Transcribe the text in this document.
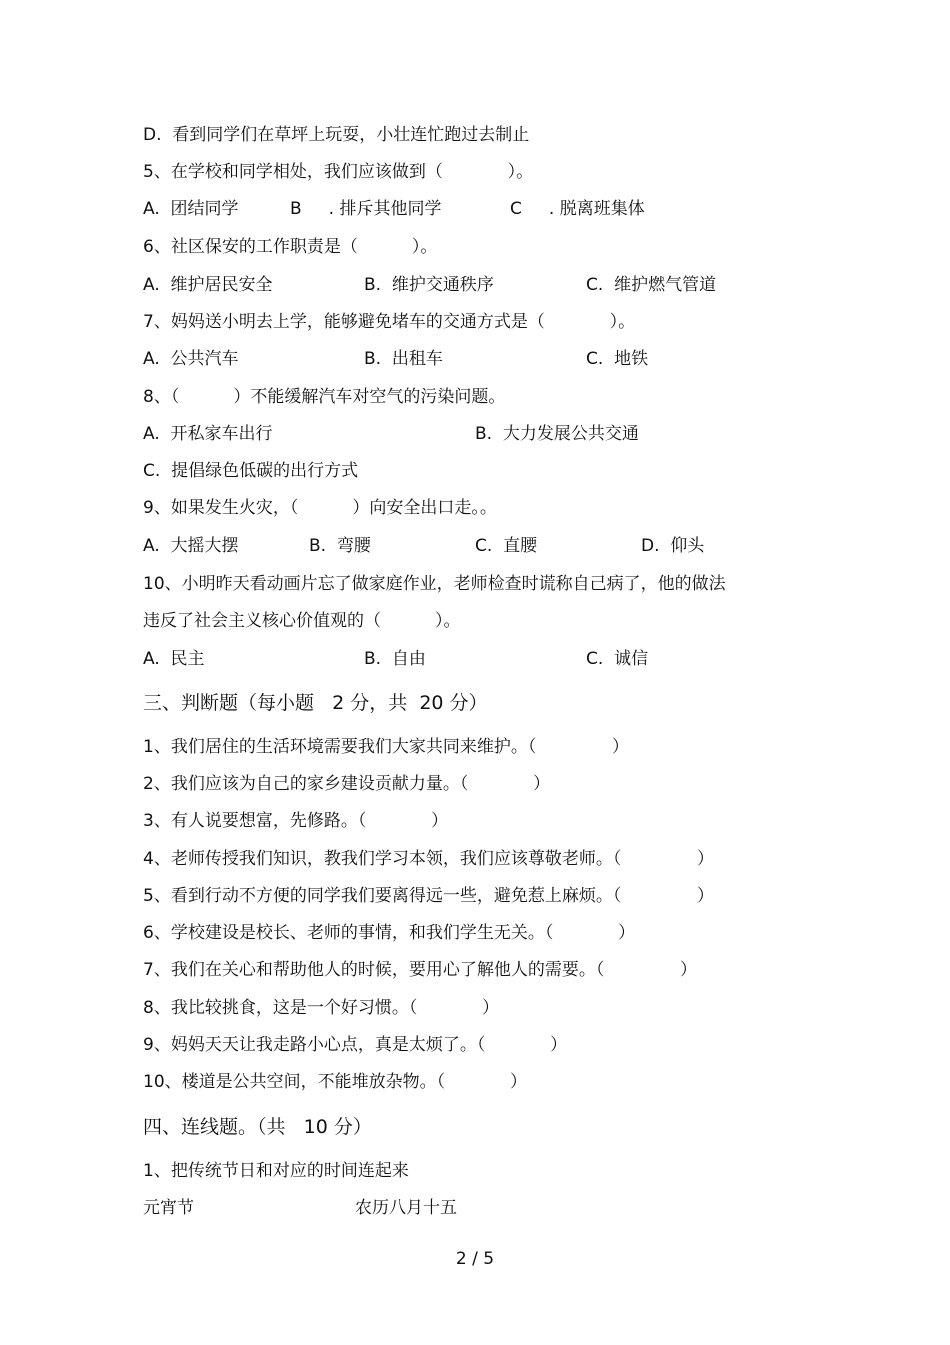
D.  看到同学们在草坪上玩耍，小壮连忙跑过去制止
5、在学校和同学相处，我们应该做到（            ）。
A.  团结同学	B     . 排斥其他同学	C     . 脱离班集体
6、社区保安的工作职责是（          ）。
A.  维护居民安全	B.  维护交通秩序	C.  维护燃气管道
7、妈妈送小明去上学，能够避免堵车的交通方式是（            ）。
A.  公共汽车	B.  出租车	C.  地铁
8、（          ）不能缓解汽车对空气的污染问题。
A.  开私家车出行	B.  大力发展公共交通
C.  提倡绿色低碳的出行方式
9、如果发生火灾，（          ）向安全出口走。。
A.  大摇大摆	B.  弯腰	C.  直腰	D.  仰头
10、小明昨天看动画片忘了做家庭作业，老师检查时谎称自己病了，他的做法
违反了社会主义核心价值观的（          ）。
A.  民主	B.  自由	C.  诚信
三、判断题（每小题   2 分，共  20 分）
1、我们居住的生活环境需要我们大家共同来维护。（              ）
2、我们应该为自己的家乡建设贡献力量。（            ）
3、有人说要想富，先修路。（            ）
4、老师传授我们知识，教我们学习本领，我们应该尊敬老师。（              ）
5、看到行动不方便的同学我们要离得远一些，避免惹上麻烦。（              ）
6、学校建设是校长、老师的事情，和我们学生无关。（            ）
7、我们在关心和帮助他人的时候，要用心了解他人的需要。（              ）
8、我比较挑食，这是一个好习惯。（            ）
9、妈妈天天让我走路小心点，真是太烦了。（            ）
10、楼道是公共空间，不能堆放杂物。（            ）
四、连线题。（共   10 分）
1、把传统节日和对应的时间连起来
元宵节	农历八月十五
2 / 5
